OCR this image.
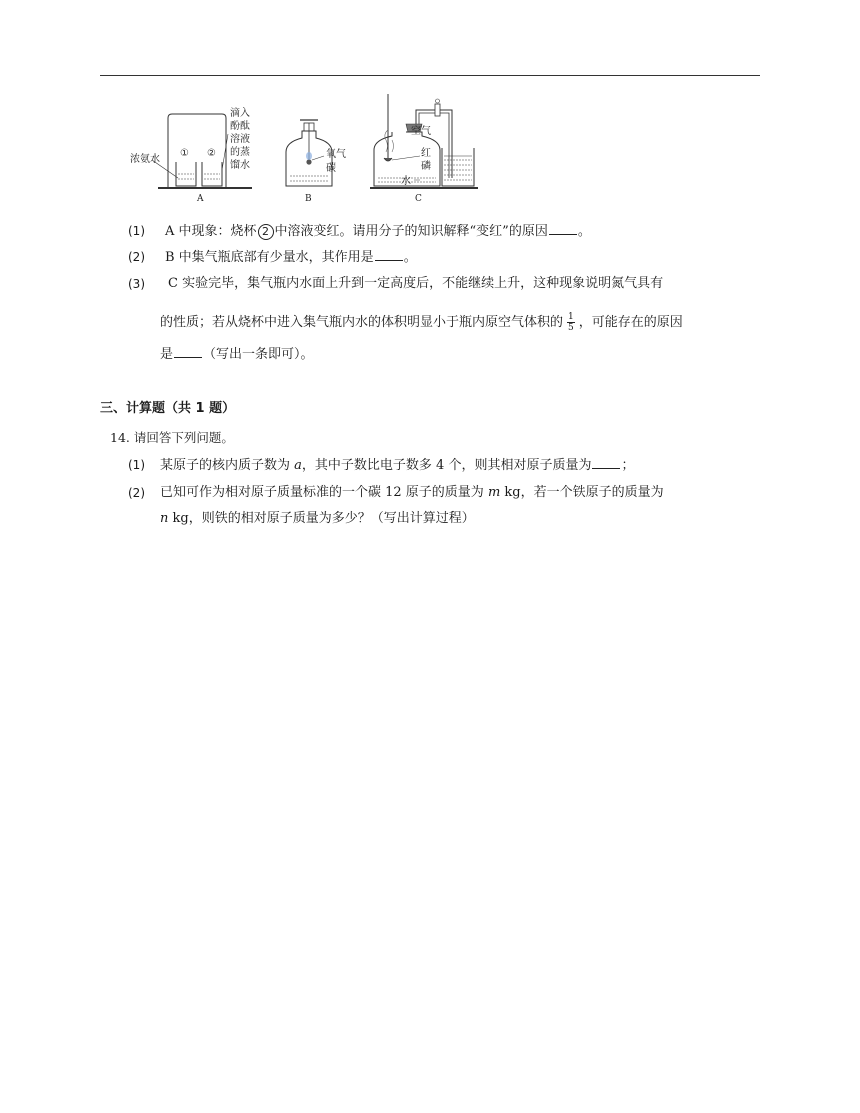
浓氨水
① ②
滴入
酚酞
溶液
的蒸
馏水
A
氧气
碳
B
空气
红
磷
水
C
(1) A 中现象：烧杯 2 中溶液变红。请用分子的知识解释“变红”的原因 。
(2) B 中集气瓶底部有少量水，其作用是 。
(3) C 实验完毕，集气瓶内水面上升到一定高度后，不能继续上升，这种现象说明氮气具有
的性质；若从烧杯中进入集气瓶内水的体积明显小于瓶内原空气体积的 $\frac{1}{5}$ ，可能存在的原因
是 （写出一条即可）。
三、计算题（共 1 题）
14. 请回答下列问题。
(1) 某原子的核内质子数为 a，其中子数比电子数多 4 个，则其相对原子质量为 ；
(2) 已知可作为相对原子质量标准的一个碳 12 原子的质量为 m kg，若一个铁原子的质量为
n kg，则铁的相对原子质量为多少？（写出计算过程）
